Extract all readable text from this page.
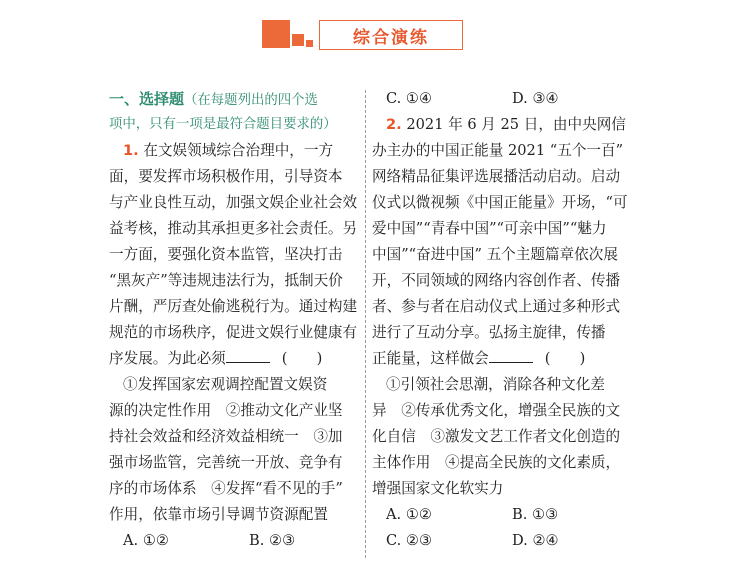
综合演练
一、选择题（在每题列出的四个选
项中，只有一项是最符合题目要求的）
1. 在文娱领域综合治理中，一方
面，要发挥市场积极作用，引导资本
与产业良性互动，加强文娱企业社会效
益考核，推动其承担更多社会责任。另
一方面，要强化资本监管，坚决打击
“黑灰产”等违规违法行为，抵制天价
片酬，严厉查处偷逃税行为。通过构建
规范的市场秩序，促进文娱行业健康有
序发展。为此必须	(　　)
①发挥国家宏观调控配置文娱资
源的决定性作用　②推动文化产业坚
持社会效益和经济效益相统一　③加
强市场监管，完善统一开放、竞争有
序的市场体系　④发挥“看不见的手”
作用，依靠市场引导调节资源配置
A. ①②	B. ②③
C. ①④	D. ③④
2. 2021 年 6 月 25 日，由中央网信
办主办的中国正能量 2021 “五个一百”
网络精品征集评选展播活动启动。启动
仪式以微视频《中国正能量》开场，“可
爱中国”“青春中国”“可亲中国”“魅力
中国”“奋进中国” 五个主题篇章依次展
开，不同领域的网络内容创作者、传播
者、参与者在启动仪式上通过多种形式
进行了互动分享。弘扬主旋律，传播
正能量，这样做会	(　　)
①引领社会思潮，消除各种文化差
异　②传承优秀文化，增强全民族的文
化自信　③激发文艺工作者文化创造的
主体作用　④提高全民族的文化素质，
增强国家文化软实力
A. ①②	B. ①③
C. ②③	D. ②④
